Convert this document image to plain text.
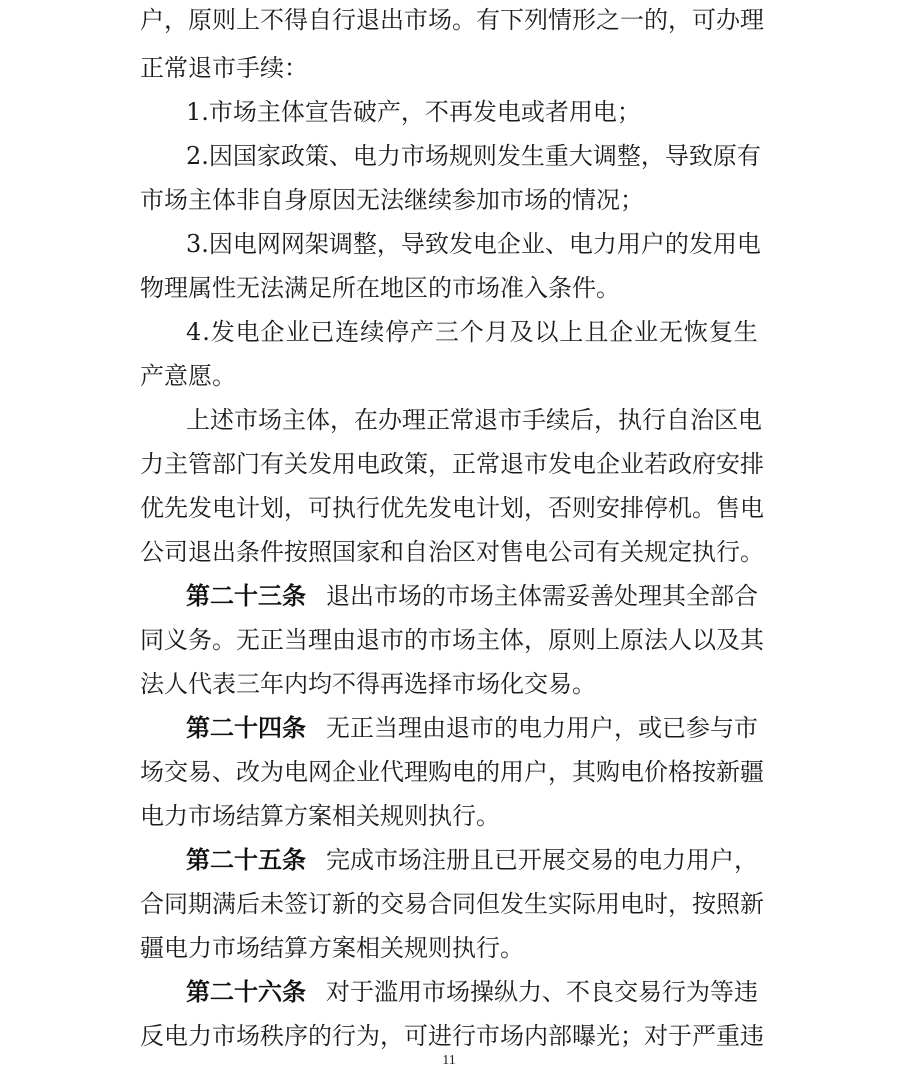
户 ， 原 则 上 不 得 自 行 退 出 市 场 。 有 下 列 情 形 之 一 的 ， 可 办 理
正常退市手续：
1.市场主体宣告破产，不再发电或者用电；
2 . 因 国 家 政 策 、 电 力 市 场 规 则 发 生 重 大 调 整 ， 导 致 原 有
市场主体非自身原因无法继续参加市场的情况；
3 . 因 电 网 网 架 调 整 ， 导 致 发 电 企 业 、 电 力 用 户 的 发 用 电
物理属性无法满足所在地区的市场准入条件。
4 . 发 电 企 业 已 连 续 停 产 三 个 月 及 以 上 且 企 业 无 恢 复 生
产意愿。
上 述 市 场 主 体 ， 在 办 理 正 常 退 市 手 续 后 ， 执 行 自 治 区 电
力 主 管 部 门 有 关 发 用 电 政 策 ， 正 常 退 市 发 电 企 业 若 政 府 安 排
优 先 发 电 计 划 ， 可 执 行 优 先 发 电 计 划 ， 否 则 安 排 停 机 。 售 电
公 司 退 出 条 件 按 照 国 家 和 自 治 区 对 售 电 公 司 有 关 规 定 执 行 。
第二十三条 退出市场的市场主体需妥善处理其全部合
同 义 务 。 无 正 当 理 由 退 市 的 市 场 主 体 ， 原 则 上 原 法 人 以 及 其
法人代表三年内均不得再选择市场化交易。
第二十四条 无正当理由退市的电力用户，或已参与市
场 交 易 、 改 为 电 网 企 业 代 理 购 电 的 用 户 ， 其 购 电 价 格 按 新 疆
电力市场结算方案相关规则执行。
第二十五条 完成市场注册且已开展交易的电力用户，
合 同 期 满 后 未 签 订 新 的 交 易 合 同 但 发 生 实 际 用 电 时 ， 按 照 新
疆电力市场结算方案相关规则执行。
第二十六条 对于滥用市场操纵力、不良交易行为等违
反 电 力 市 场 秩 序 的 行 为 ， 可 进 行 市 场 内 部 曝 光 ； 对 于 严 重 违
11
